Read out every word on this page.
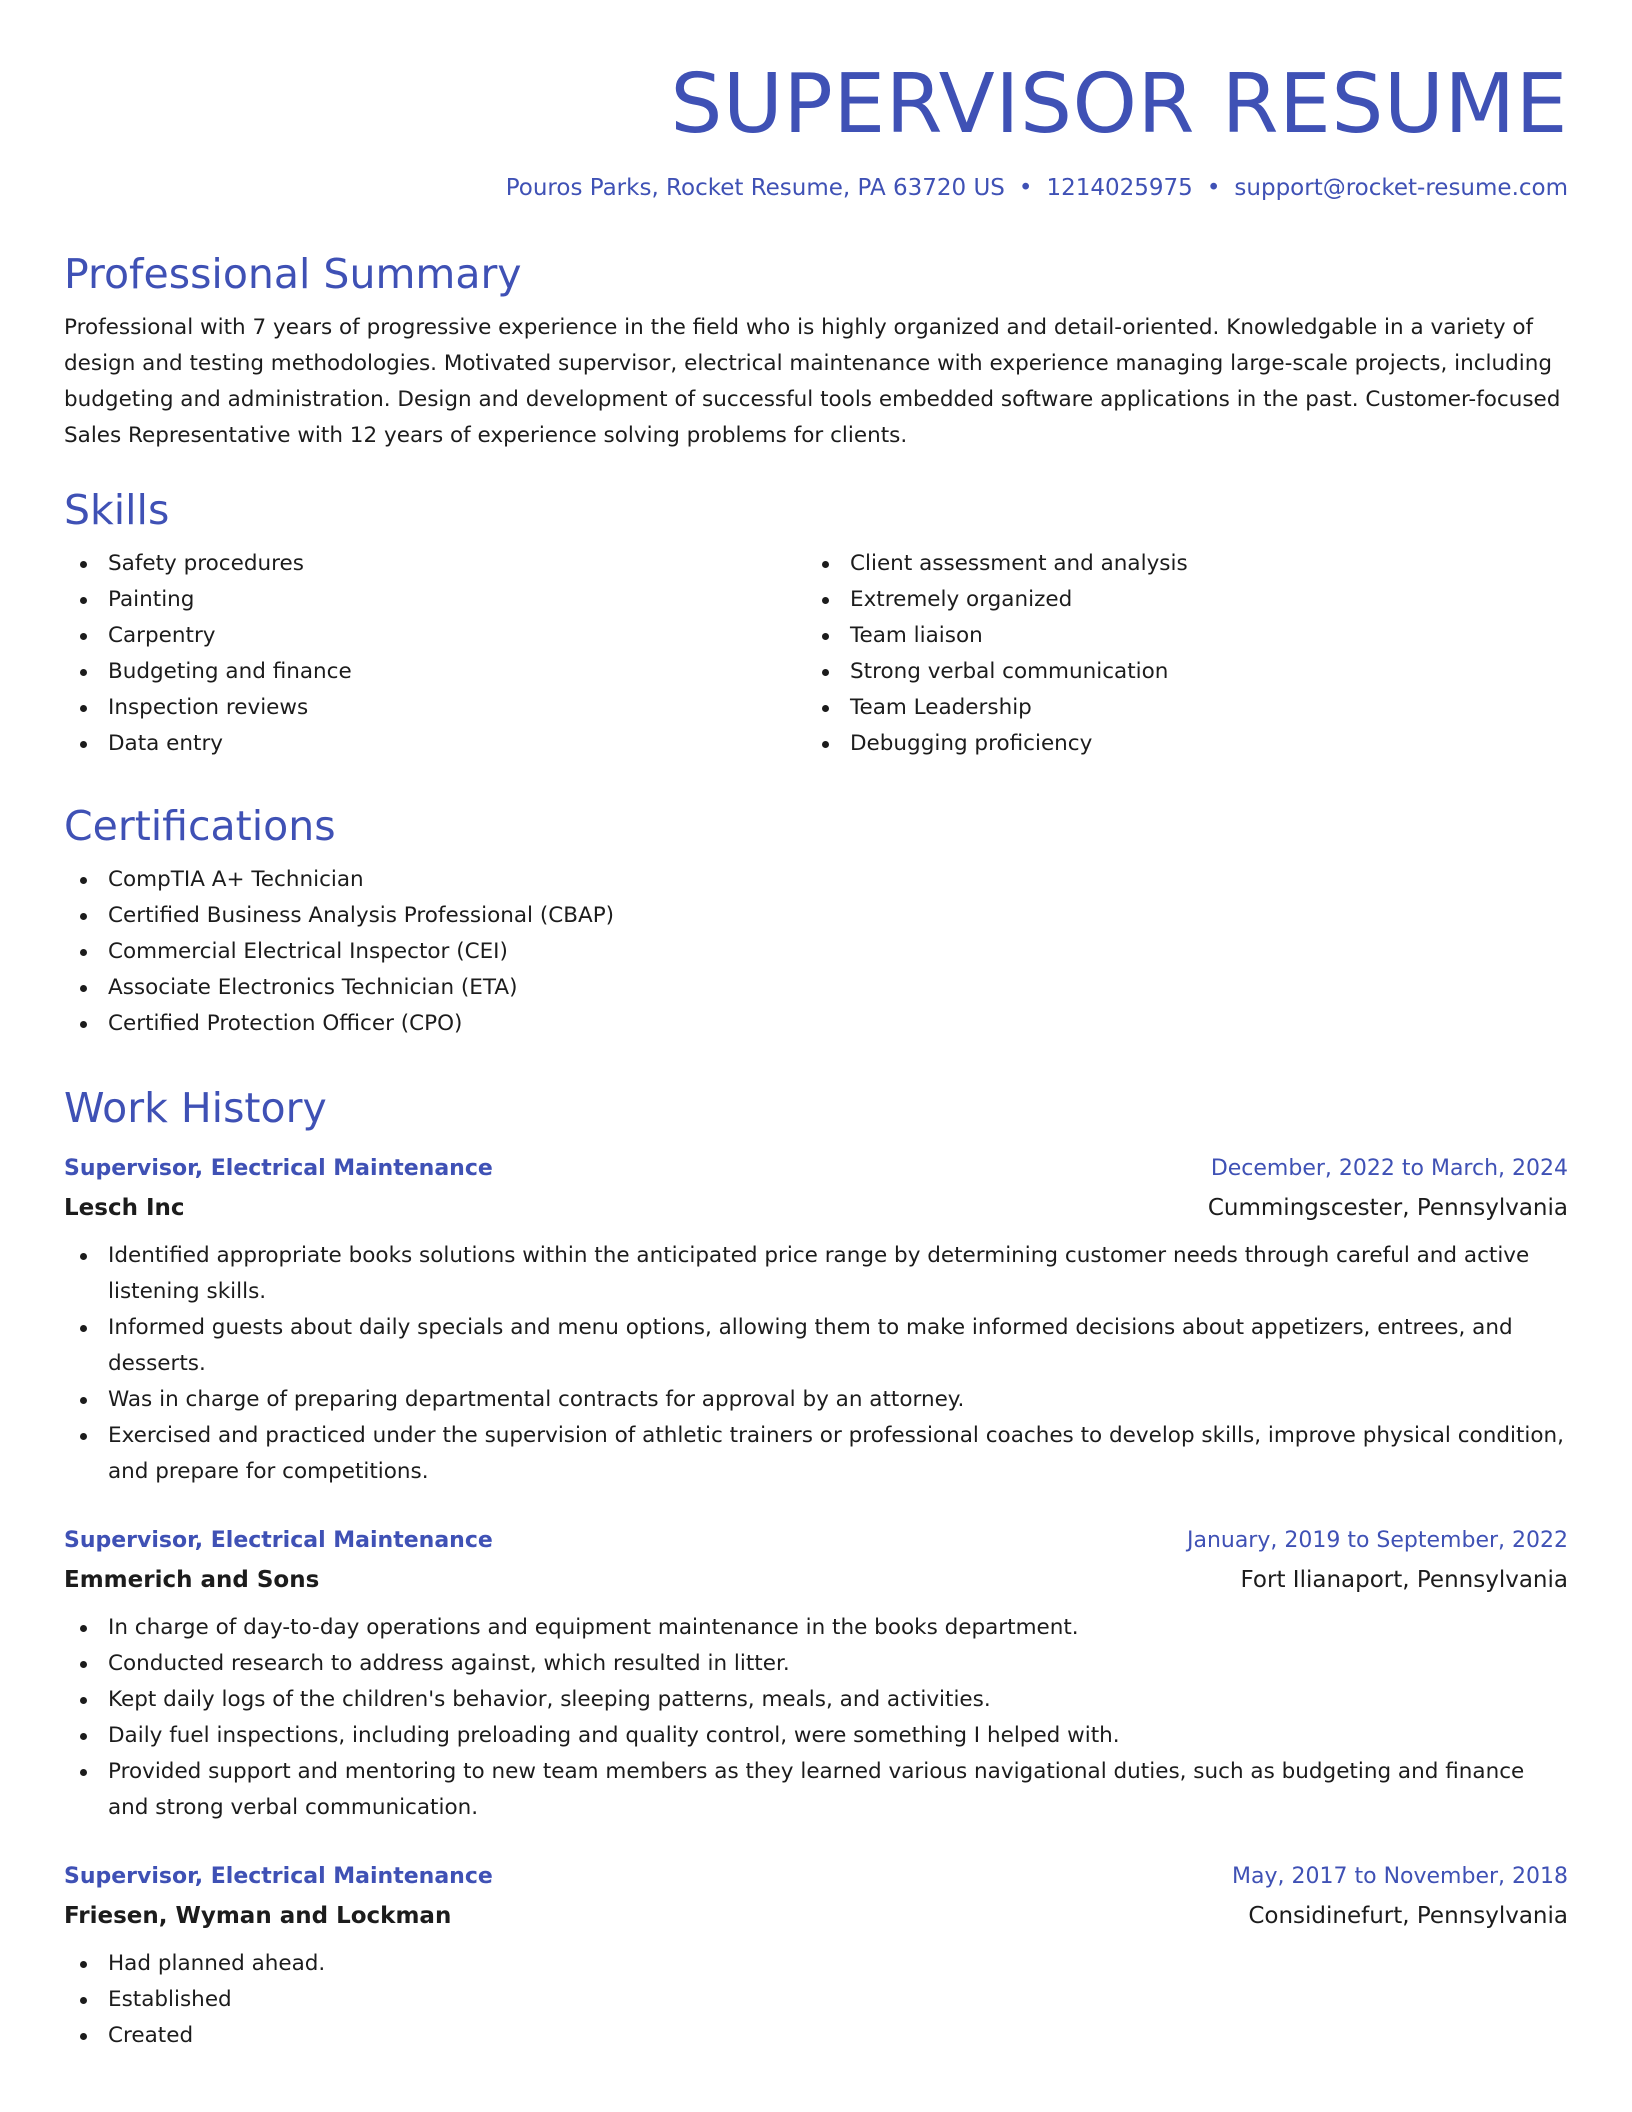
SUPERVISOR RESUME
Pouros Parks, Rocket Resume, PA 63720 US • 1214025975 • support@rocket-resume.com
Professional Summary

Professional with 7 years of progressive experience in the field who is highly organized and detail-oriented. Knowledgable in a variety of design and testing methodologies. Motivated supervisor, electrical maintenance with experience managing large-scale projects, including budgeting and administration. Design and development of successful tools embedded software applications in the past. Customer-focused Sales Representative with 12 years of experience solving problems for clients.

Skills
Safety procedures
Painting
Carpentry
Budgeting and finance
Inspection reviews
Data entry
Client assessment and analysis
Extremely organized
Team liaison
Strong verbal communication
Team Leadership
Debugging proficiency
Certifications
CompTIA A+ Technician
Certified Business Analysis Professional (CBAP)
Commercial Electrical Inspector (CEI)
Associate Electronics Technician (ETA)
Certified Protection Officer (CPO)
Work History
Supervisor, Electrical Maintenance	December, 2022 to March, 2024
Lesch Inc	Cummingscester, Pennsylvania
Identified appropriate books solutions within the anticipated price range by determining customer needs through careful and active listening skills.
Informed guests about daily specials and menu options, allowing them to make informed decisions about appetizers, entrees, and desserts.
Was in charge of preparing departmental contracts for approval by an attorney.
Exercised and practiced under the supervision of athletic trainers or professional coaches to develop skills, improve physical condition, and prepare for competitions.
Supervisor, Electrical Maintenance	January, 2019 to September, 2022
Emmerich and Sons	Fort Ilianaport, Pennsylvania
In charge of day-to-day operations and equipment maintenance in the books department.
Conducted research to address against, which resulted in litter.
Kept daily logs of the children's behavior, sleeping patterns, meals, and activities.
Daily fuel inspections, including preloading and quality control, were something I helped with.
Provided support and mentoring to new team members as they learned various navigational duties, such as budgeting and finance and strong verbal communication.
Supervisor, Electrical Maintenance	May, 2017 to November, 2018
Friesen, Wyman and Lockman	Considinefurt, Pennsylvania
Had planned ahead.
Established
Created
